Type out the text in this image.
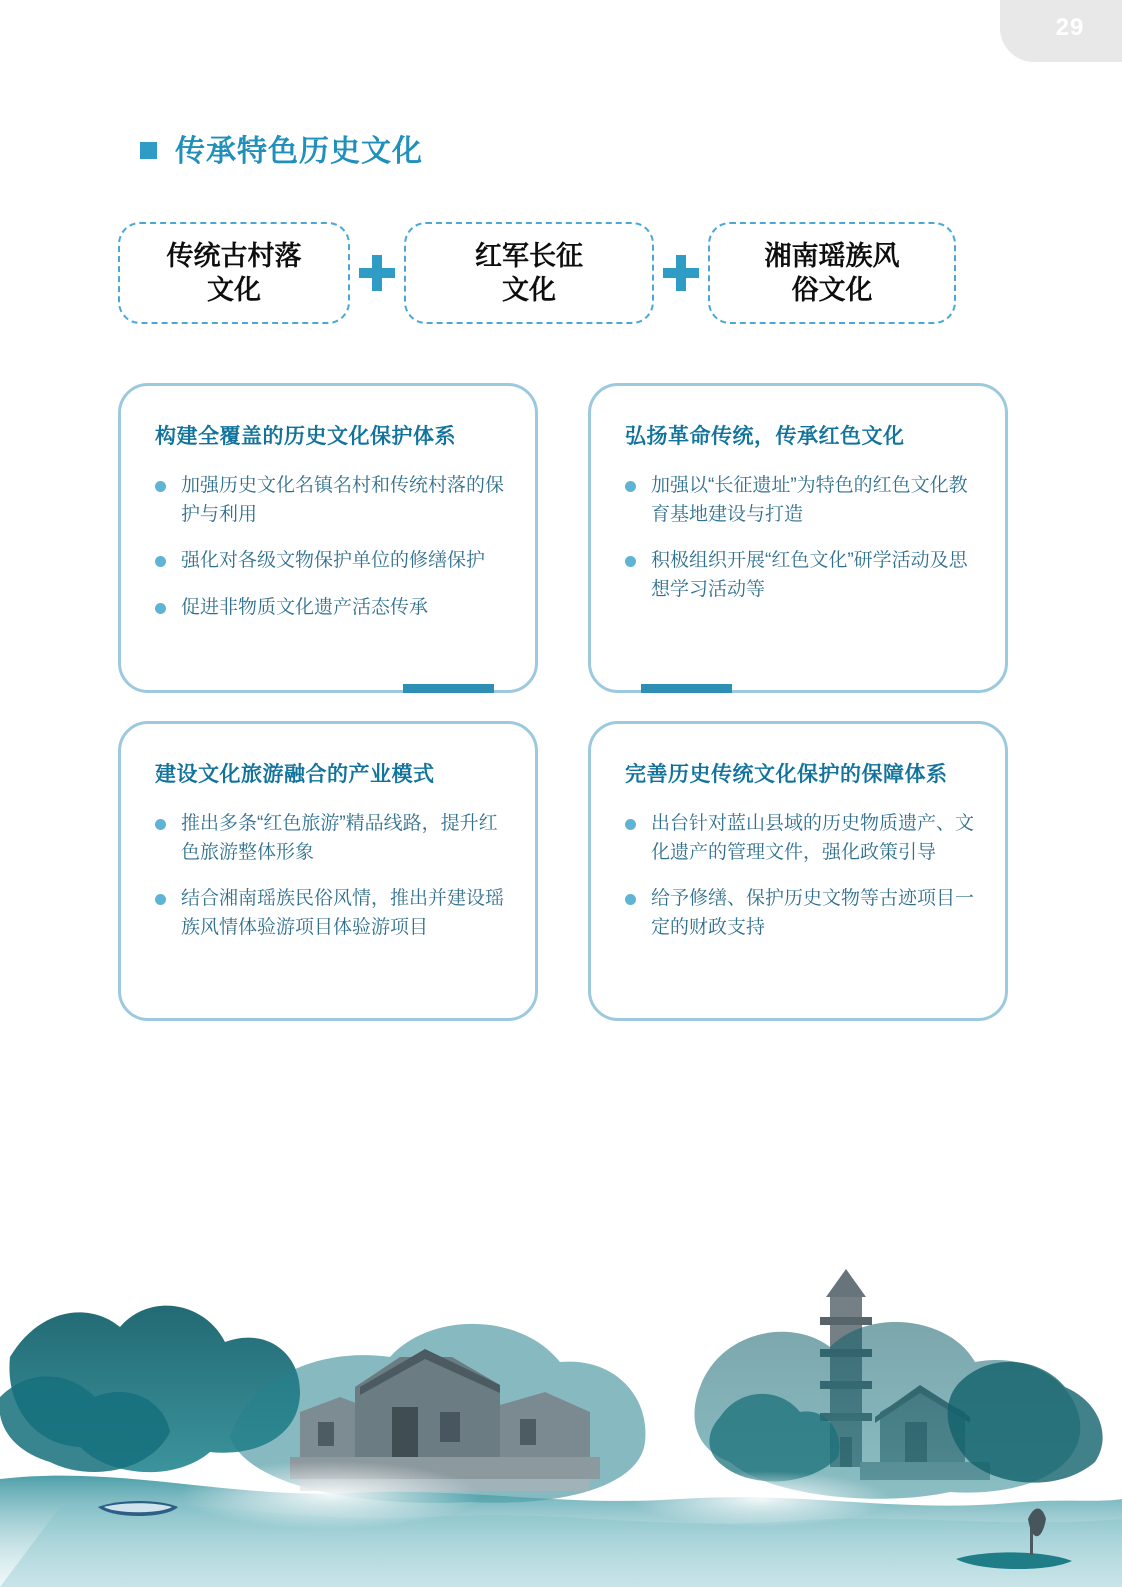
29
传承特色历史文化
传统古村落
文化
红军长征
文化
湘南瑶族风
俗文化
构建全覆盖的历史文化保护体系
加强历史文化名镇名村和传统村落的保护与利用
强化对各级文物保护单位的修缮保护
促进非物质文化遗产活态传承
弘扬革命传统，传承红色文化
加强以“长征遗址”为特色的红色文化教育基地建设与打造
积极组织开展“红色文化”研学活动及思想学习活动等
建设文化旅游融合的产业模式
推出多条“红色旅游”精品线路，提升红色旅游整体形象
结合湘南瑶族民俗风情，推出并建设瑶族风情体验游项目体验游项目
完善历史传统文化保护的保障体系
出台针对蓝山县域的历史物质遗产、文化遗产的管理文件，强化政策引导
给予修缮、保护历史文物等古迹项目一定的财政支持
